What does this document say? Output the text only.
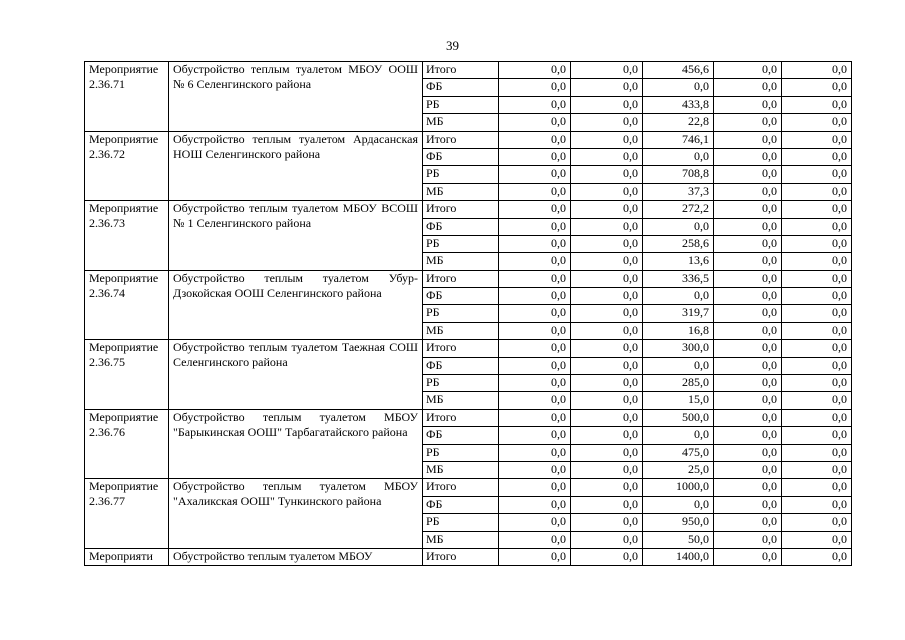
39
Мероприятие 2.36.71	Обустройство теплым туалетом МБОУ ООШ № 6 Селенгинского района	Итого	0,0	0,0	456,6	0,0	0,0
		ФБ	0,0	0,0	0,0	0,0	0,0
		РБ	0,0	0,0	433,8	0,0	0,0
		МБ	0,0	0,0	22,8	0,0	0,0
Мероприятие 2.36.72	Обустройство теплым туалетом Ардасанская НОШ Селенгинского района	Итого	0,0	0,0	746,1	0,0	0,0
		ФБ	0,0	0,0	0,0	0,0	0,0
		РБ	0,0	0,0	708,8	0,0	0,0
		МБ	0,0	0,0	37,3	0,0	0,0
Мероприятие 2.36.73	Обустройство теплым туалетом МБОУ ВСОШ № 1 Селенгинского района	Итого	0,0	0,0	272,2	0,0	0,0
		ФБ	0,0	0,0	0,0	0,0	0,0
		РБ	0,0	0,0	258,6	0,0	0,0
		МБ	0,0	0,0	13,6	0,0	0,0
Мероприятие 2.36.74	Обустройство теплым туалетом Убур-Дзокойская ООШ Селенгинского района	Итого	0,0	0,0	336,5	0,0	0,0
		ФБ	0,0	0,0	0,0	0,0	0,0
		РБ	0,0	0,0	319,7	0,0	0,0
		МБ	0,0	0,0	16,8	0,0	0,0
Мероприятие 2.36.75	Обустройство теплым туалетом Таежная СОШ Селенгинского района	Итого	0,0	0,0	300,0	0,0	0,0
		ФБ	0,0	0,0	0,0	0,0	0,0
		РБ	0,0	0,0	285,0	0,0	0,0
		МБ	0,0	0,0	15,0	0,0	0,0
Мероприятие 2.36.76	Обустройство теплым туалетом МБОУ "Барыкинская ООШ" Тарбагатайского района	Итого	0,0	0,0	500,0	0,0	0,0
		ФБ	0,0	0,0	0,0	0,0	0,0
		РБ	0,0	0,0	475,0	0,0	0,0
		МБ	0,0	0,0	25,0	0,0	0,0
Мероприятие 2.36.77	Обустройство теплым туалетом МБОУ "Ахаликская ООШ" Тункинского района	Итого	0,0	0,0	1000,0	0,0	0,0
		ФБ	0,0	0,0	0,0	0,0	0,0
		РБ	0,0	0,0	950,0	0,0	0,0
		МБ	0,0	0,0	50,0	0,0	0,0
Мероприяти	Обустройство теплым туалетом МБОУ	Итого	0,0	0,0	1400,0	0,0	0,0
